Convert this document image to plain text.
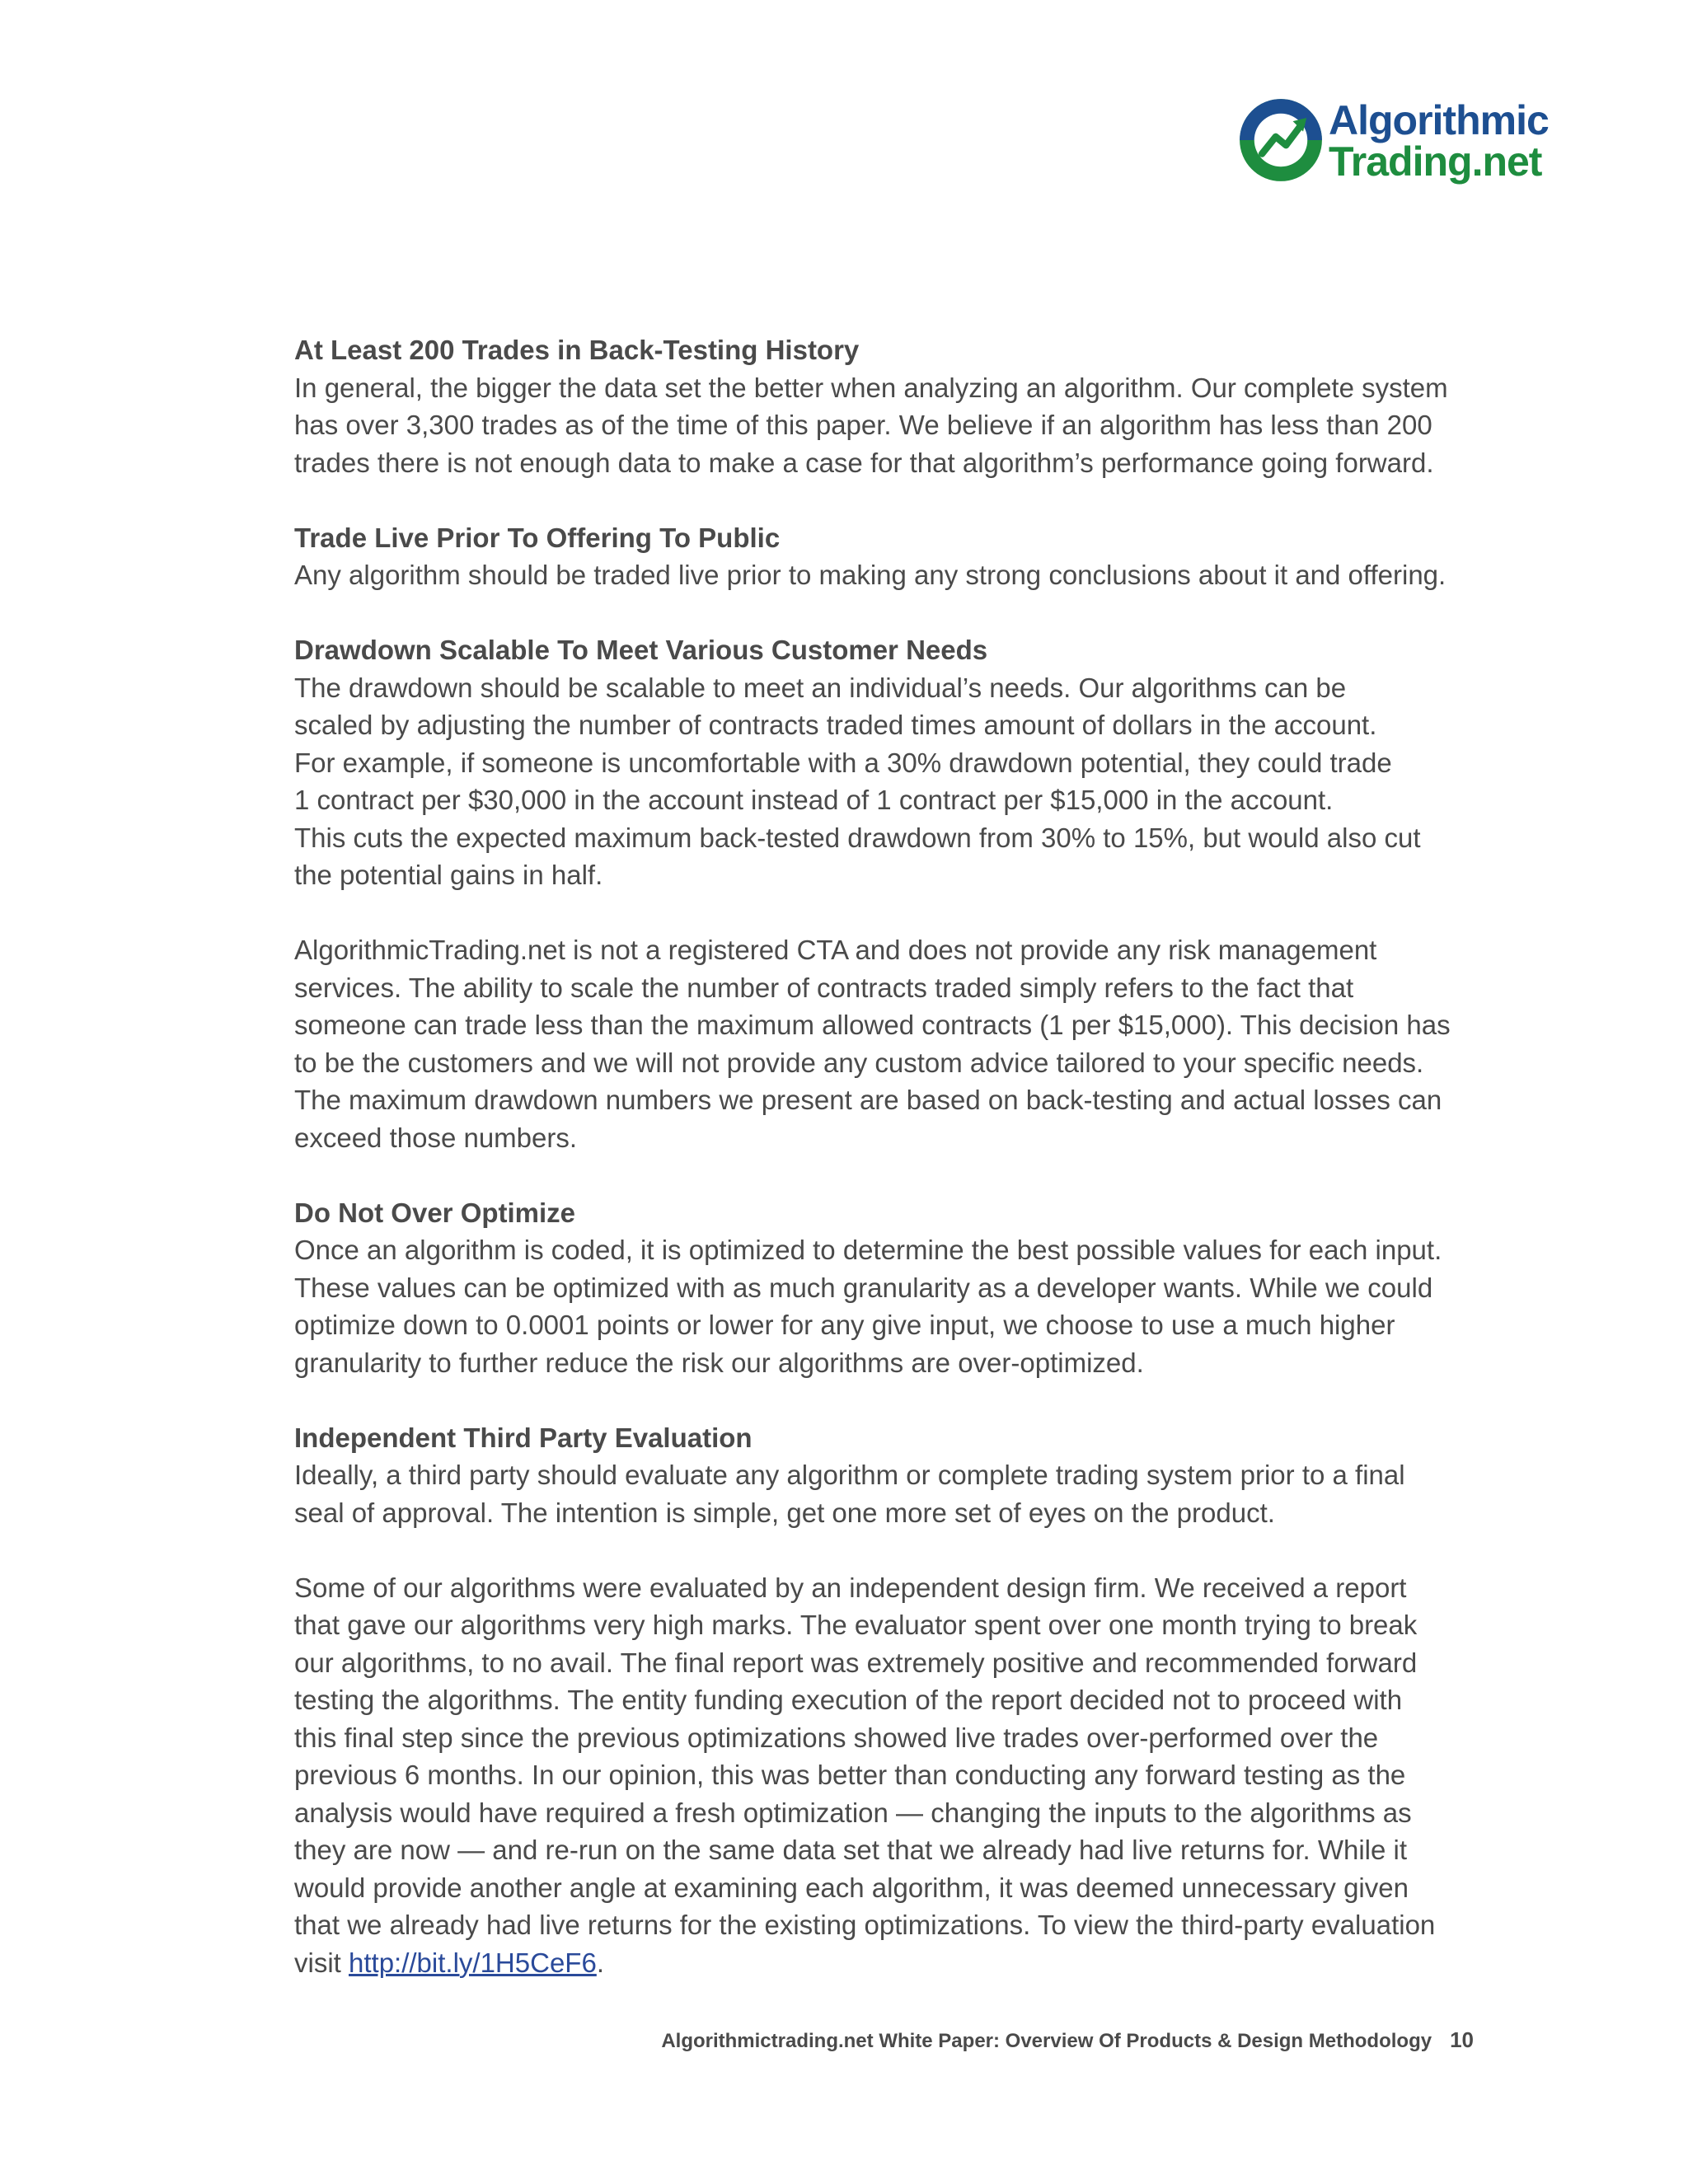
Algorithmic
Trading.net
At Least 200 Trades in Back-Testing History
In general, the bigger the data set the better when analyzing an algorithm. Our complete system
has over 3,300 trades as of the time of this paper. We believe if an algorithm has less than 200
trades there is not enough data to make a case for that algorithm’s performance going forward.
Trade Live Prior To Offering To Public
Any algorithm should be traded live prior to making any strong conclusions about it and offering.
Drawdown Scalable To Meet Various Customer Needs
The drawdown should be scalable to meet an individual’s needs. Our algorithms can be
scaled by adjusting the number of contracts traded times amount of dollars in the account.
For example, if someone is uncomfortable with a 30% drawdown potential, they could trade
1 contract per $30,000 in the account instead of 1 contract per $15,000 in the account.
This cuts the expected maximum back-tested drawdown from 30% to 15%, but would also cut
the potential gains in half.
AlgorithmicTrading.net is not a registered CTA and does not provide any risk management
services. The ability to scale the number of contracts traded simply refers to the fact that
someone can trade less than the maximum allowed contracts (1 per $15,000). This decision has
to be the customers and we will not provide any custom advice tailored to your specific needs.
The maximum drawdown numbers we present are based on back-testing and actual losses can
exceed those numbers.
Do Not Over Optimize
Once an algorithm is coded, it is optimized to determine the best possible values for each input.
These values can be optimized with as much granularity as a developer wants. While we could
optimize down to 0.0001 points or lower for any give input, we choose to use a much higher
granularity to further reduce the risk our algorithms are over-optimized.
Independent Third Party Evaluation
Ideally, a third party should evaluate any algorithm or complete trading system prior to a final
seal of approval. The intention is simple, get one more set of eyes on the product.
Some of our algorithms were evaluated by an independent design firm. We received a report
that gave our algorithms very high marks. The evaluator spent over one month trying to break
our algorithms, to no avail. The final report was extremely positive and recommended forward
testing the algorithms. The entity funding execution of the report decided not to proceed with
this final step since the previous optimizations showed live trades over-performed over the
previous 6 months. In our opinion, this was better than conducting any forward testing as the
analysis would have required a fresh optimization — changing the inputs to the algorithms as
they are now — and re-run on the same data set that we already had live returns for. While it
would provide another angle at examining each algorithm, it was deemed unnecessary given
that we already had live returns for the existing optimizations. To view the third-party evaluation
visit http://bit.ly/1H5CeF6.
Algorithmictrading.net White Paper: Overview Of Products & Design Methodology 10
